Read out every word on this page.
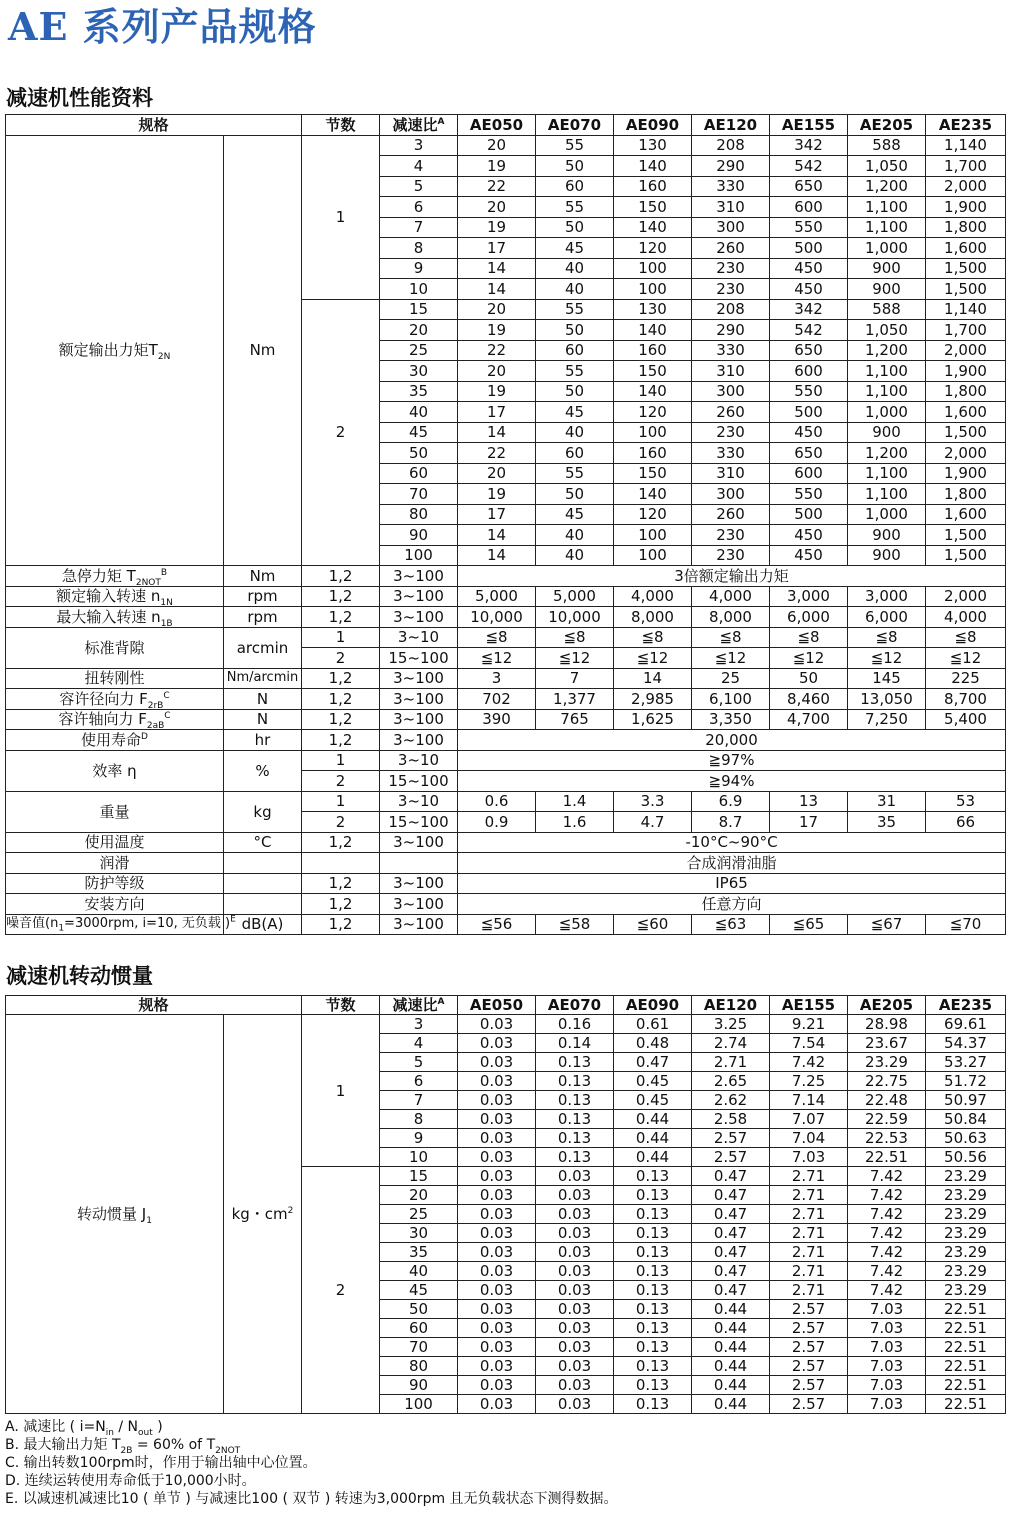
AE 系列产品规格
减速机性能资料
规格		节数	减速比$^A$	AE050	AE070	AE090	AE120	AE155	AE205	AE235
额定输出力矩$T_{2N}$	Nm	1	3	20	55	130	208	342	588	1,140
			4	19	50	140	290	542	1,050	1,700
			5	22	60	160	330	650	1,200	2,000
			6	20	55	150	310	600	1,100	1,900
			7	19	50	140	300	550	1,100	1,800
			8	17	45	120	260	500	1,000	1,600
			9	14	40	100	230	450	900	1,500
			10	14	40	100	230	450	900	1,500
		2	15	20	55	130	208	342	588	1,140
			20	19	50	140	290	542	1,050	1,700
			25	22	60	160	330	650	1,200	2,000
			30	20	55	150	310	600	1,100	1,900
			35	19	50	140	300	550	1,100	1,800
			40	17	45	120	260	500	1,000	1,600
			45	14	40	100	230	450	900	1,500
			50	22	60	160	330	650	1,200	2,000
			60	20	55	150	310	600	1,100	1,900
			70	19	50	140	300	550	1,100	1,800
			80	17	45	120	260	500	1,000	1,600
			90	14	40	100	230	450	900	1,500
			100	14	40	100	230	450	900	1,500
急停力矩 $T_{2NOT}^B$	Nm	1,2	3~100	3倍额定输出力矩						
额定输入转速 $n_{1N}$	rpm	1,2	3~100	5,000	5,000	4,000	4,000	3,000	3,000	2,000
最大输入转速 $n_{1B}$	rpm	1,2	3~100	10,000	10,000	8,000	8,000	6,000	6,000	4,000
标准背隙	arcmin	1	3~10	≦8	≦8	≦8	≦8	≦8	≦8	≦8
		2	15~100	≦12	≦12	≦12	≦12	≦12	≦12	≦12
扭转刚性	Nm/arcmin	1,2	3~100	3	7	14	25	50	145	225
容许径向力 $F_{2rB}^C$	N	1,2	3~100	702	1,377	2,985	6,100	8,460	13,050	8,700
容许轴向力 $F_{2aB}^C$	N	1,2	3~100	390	765	1,625	3,350	4,700	7,250	5,400
使用寿命$^D$	hr	1,2	3~100	20,000						
效率 η	%	1	3~10	≧97%						
		2	15~100	≧94%						
重量	kg	1	3~10	0.6	1.4	3.3	6.9	13	31	53
		2	15~100	0.9	1.6	4.7	8.7	17	35	66
使用温度	°C	1,2	3~100	-10°C~90°C						
润滑				合成润滑油脂						
防护等级		1,2	3~100	IP65						
安装方向		1,2	3~100	任意方向						
噪音值($n_1=3000rpm$, i=10, 无负载 )$^E$	dB(A)	1,2	3~100	≦56	≦58	≦60	≦63	≦65	≦67	≦70
减速机转动惯量
规格		节数	减速比$^A$	AE050	AE070	AE090	AE120	AE155	AE205	AE235
转动惯量 $J_1$	kg・$cm^2$	1	3	0.03	0.16	0.61	3.25	9.21	28.98	69.61
			4	0.03	0.14	0.48	2.74	7.54	23.67	54.37
			5	0.03	0.13	0.47	2.71	7.42	23.29	53.27
			6	0.03	0.13	0.45	2.65	7.25	22.75	51.72
			7	0.03	0.13	0.45	2.62	7.14	22.48	50.97
			8	0.03	0.13	0.44	2.58	7.07	22.59	50.84
			9	0.03	0.13	0.44	2.57	7.04	22.53	50.63
			10	0.03	0.13	0.44	2.57	7.03	22.51	50.56
		2	15	0.03	0.03	0.13	0.47	2.71	7.42	23.29
			20	0.03	0.03	0.13	0.47	2.71	7.42	23.29
			25	0.03	0.03	0.13	0.47	2.71	7.42	23.29
			30	0.03	0.03	0.13	0.47	2.71	7.42	23.29
			35	0.03	0.03	0.13	0.47	2.71	7.42	23.29
			40	0.03	0.03	0.13	0.47	2.71	7.42	23.29
			45	0.03	0.03	0.13	0.47	2.71	7.42	23.29
			50	0.03	0.03	0.13	0.44	2.57	7.03	22.51
			60	0.03	0.03	0.13	0.44	2.57	7.03	22.51
			70	0.03	0.03	0.13	0.44	2.57	7.03	22.51
			80	0.03	0.03	0.13	0.44	2.57	7.03	22.51
			90	0.03	0.03	0.13	0.44	2.57	7.03	22.51
			100	0.03	0.03	0.13	0.44	2.57	7.03	22.51
A. 减速比 ( $i=N_{in} / N_{out}$ )
B. 最大输出力矩 $T_{2B} = 60\%$ of $T_{2NOT}$
C. 输出转数100rpm时，作用于输出轴中心位置。
D. 连续运转使用寿命低于10,000小时。
E. 以减速机减速比10 ( 单节 ) 与减速比100 ( 双节 ) 转速为3,000rpm 且无负载状态下测得数据。
